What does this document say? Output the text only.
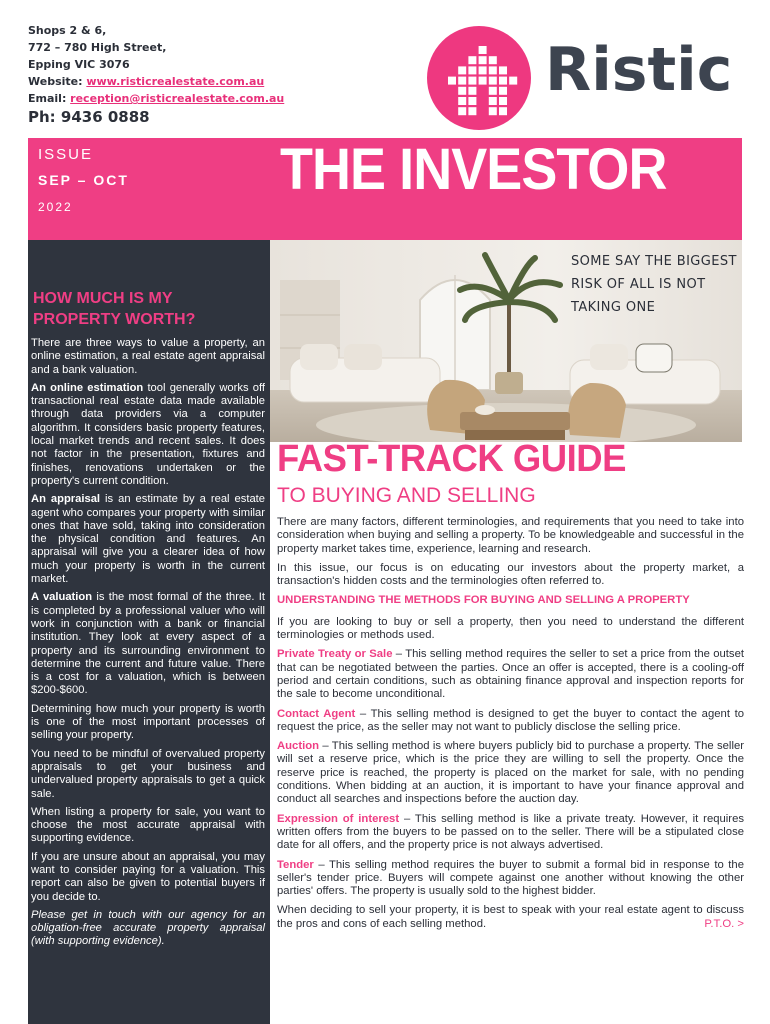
Shops 2 & 6,
772 – 780 High Street,
Epping VIC 3076
Website: www.risticrealestate.com.au
Email: reception@risticrealestate.com.au
Ph: 9436 0888
Ristic
ISSUE
SEP – OCT
2022
THE INVESTOR
HOW MUCH IS MY PROPERTY WORTH?

There are three ways to value a property, an online estimation, a real estate agent appraisal and a bank valuation.

An online estimation tool generally works off transactional real estate data made available through data providers via a computer algorithm. It considers basic property features, local market trends and recent sales. It does not factor in the presentation, fixtures and finishes, renovations undertaken or the property's current condition.

An appraisal is an estimate by a real estate agent who compares your property with similar ones that have sold, taking into consideration the physical condition and features. An appraisal will give you a clearer idea of how much your property is worth in the current market.

A valuation is the most formal of the three. It is completed by a professional valuer who will work in conjunction with a bank or financial institution. They look at every aspect of a property and its surrounding environment to determine the current and future value. There is a cost for a valuation, which is between $200-$600.

Determining how much your property is worth is one of the most important processes of selling your property.

You need to be mindful of overvalued property appraisals to get your business and undervalued property appraisals to get a quick sale.

When listing a property for sale, you want to choose the most accurate appraisal with supporting evidence.

If you are unsure about an appraisal, you may want to consider paying for a valuation. This report can also be given to potential buyers if you decide to.

Please get in touch with our agency for an obligation-free accurate property appraisal (with supporting evidence).

SOME SAY THE BIGGEST RISK OF ALL IS NOT TAKING ONE
FAST-TRACK GUIDE
TO BUYING AND SELLING

There are many factors, different terminologies, and requirements that you need to take into consideration when buying and selling a property. To be knowledgeable and successful in the property market takes time, experience, learning and research.

In this issue, our focus is on educating our investors about the property market, a transaction's hidden costs and the terminologies often referred to.

UNDERSTANDING THE METHODS FOR BUYING AND SELLING A PROPERTY

If you are looking to buy or sell a property, then you need to understand the different terminologies or methods used.

Private Treaty or Sale – This selling method requires the seller to set a price from the outset that can be negotiated between the parties. Once an offer is accepted, there is a cooling-off period and certain conditions, such as obtaining finance approval and inspection reports for the sale to become unconditional.

Contact Agent – This selling method is designed to get the buyer to contact the agent to request the price, as the seller may not want to publicly disclose the selling price.

Auction – This selling method is where buyers publicly bid to purchase a property. The seller will set a reserve price, which is the price they are willing to sell the property. Once the reserve price is reached, the property is placed on the market for sale, with no pending conditions. When bidding at an auction, it is important to have your finance approval and conduct all searches and inspections before the auction day.

Expression of interest – This selling method is like a private treaty. However, it requires written offers from the buyers to be passed on to the seller. There will be a stipulated close date for all offers, and the property price is not always advertised.

Tender – This selling method requires the buyer to submit a formal bid in response to the seller's tender price. Buyers will compete against one another without knowing the other parties' offers. The property is usually sold to the highest bidder.

When deciding to sell your property, it is best to speak with your real estate agent to discuss the pros and cons of each selling method.	P.T.O. >
